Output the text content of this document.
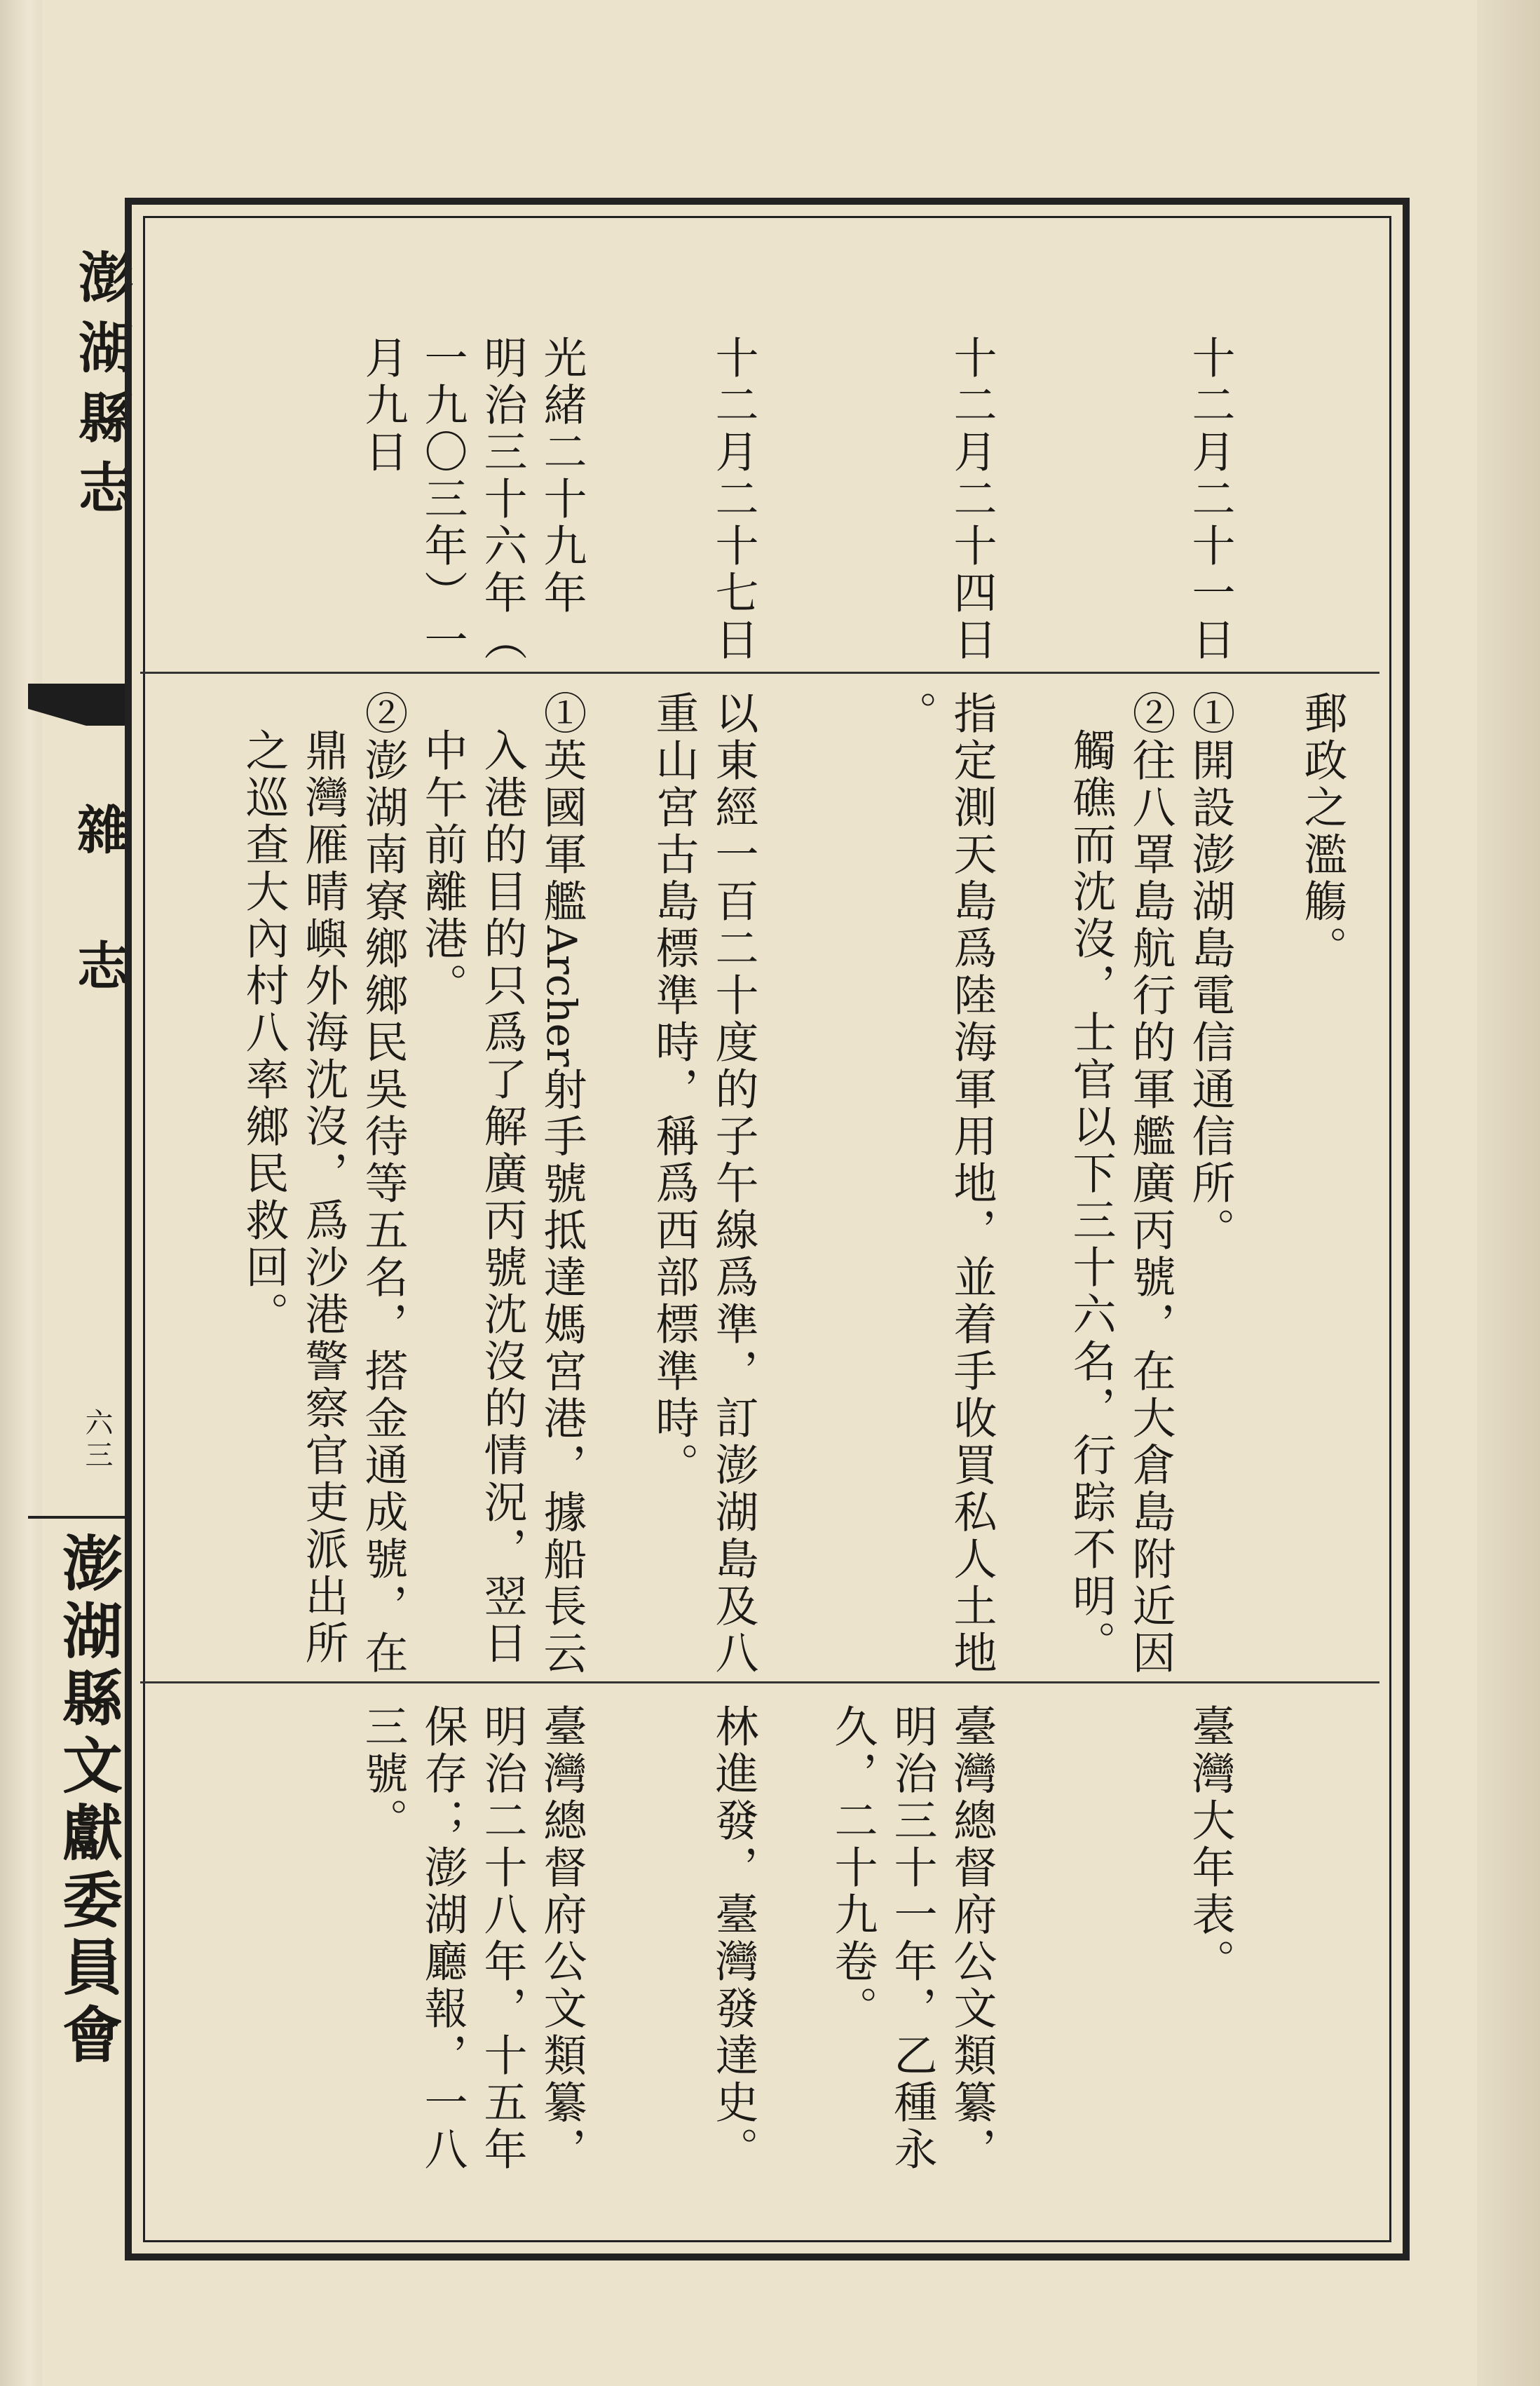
澎湖縣志
雜志
六三
澎湖縣文獻委員會
郵政之濫觴。
十二月二十一日
①開設澎湖島電信通信所。
②往八罩島航行的軍艦廣丙號，在大倉島附近因
觸礁而沈沒，士官以下三十六名，行踪不明。
臺灣大年表。
十二月二十四日
指定測天島爲陸海軍用地，並着手收買私人土地
。
臺灣總督府公文類纂，
明治三十一年，乙種永
久，二十九卷。
十二月二十七日
以東經一百二十度的子午線爲準，訂澎湖島及八
重山宮古島標準時，稱爲西部標準時。
林進發，臺灣發達史。
光緒二十九年
明治三十六年（
一九〇三年）一
月九日
①英國軍艦Archer射手號抵達媽宮港，據船長云
入港的目的只爲了解廣丙號沈沒的情況，翌日
中午前離港。
②澎湖南寮鄉鄉民吳待等五名，搭金通成號，在
鼎灣雁晴嶼外海沈沒，爲沙港警察官吏派出所
之巡查大內村八率鄉民救回。
臺灣總督府公文類纂，
明治二十八年，十五年
保存；澎湖廳報，一八
三號。
